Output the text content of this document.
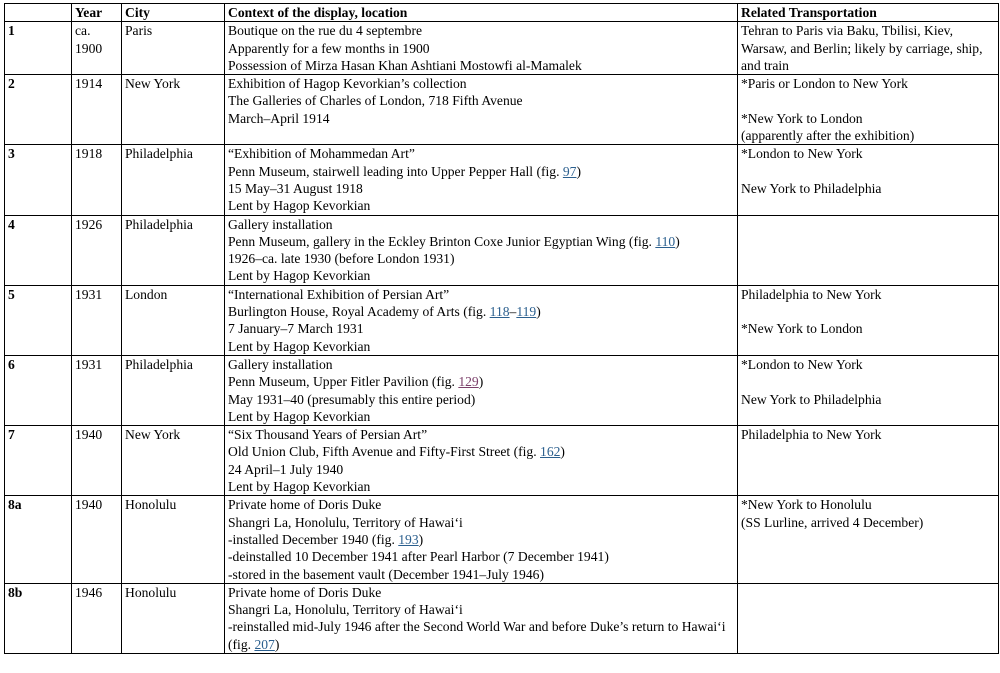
	Year	City	Context of the display, location	Related Transportation
1	ca. 1900	Paris	Boutique on the rue du 4 septembre
Apparently for a few months in 1900
Possession of Mirza Hasan Khan Ashtiani Mostowfi al-Mamalek	Tehran to Paris via Baku, Tbilisi, Kiev, Warsaw, and Berlin; likely by carriage, ship, and train

2	1914	New York	Exhibition of Hagop Kevorkian’s collection
The Galleries of Charles of London, 718 Fifth Avenue
March–April 1914	*Paris or London to New York
*New York to London
(apparently after the exhibition)

3	1918	Philadelphia	“Exhibition of Mohammedan Art”
Penn Museum, stairwell leading into Upper Pepper Hall (fig. 97)
15 May–31 August 1918
Lent by Hagop Kevorkian	*London to New York
New York to Philadelphia

4	1926	Philadelphia	Gallery installation
Penn Museum, gallery in the Eckley Brinton Coxe Junior Egyptian Wing (fig. 110)
1926–ca. late 1930 (before London 1931)
Lent by Hagop Kevorkian	

5	1931	London	“International Exhibition of Persian Art”
Burlington House, Royal Academy of Arts (fig. 118–119)
7 January–7 March 1931
Lent by Hagop Kevorkian	Philadelphia to New York
*New York to London

6	1931	Philadelphia	Gallery installation
Penn Museum, Upper Fitler Pavilion (fig. 129)
May 1931–40 (presumably this entire period)
Lent by Hagop Kevorkian	*London to New York
New York to Philadelphia

7	1940	New York	“Six Thousand Years of Persian Art”
Old Union Club, Fifth Avenue and Fifty-First Street (fig. 162)
24 April–1 July 1940
Lent by Hagop Kevorkian	Philadelphia to New York

8a	1940	Honolulu	Private home of Doris Duke
Shangri La, Honolulu, Territory of Hawai‘i
-installed December 1940 (fig. 193)
-deinstalled 10 December 1941 after Pearl Harbor (7 December 1941)
-stored in the basement vault (December 1941–July 1946)	*New York to Honolulu
(SS Lurline, arrived 4 December)

8b	1946	Honolulu	Private home of Doris Duke
Shangri La, Honolulu, Territory of Hawai‘i
-reinstalled mid-July 1946 after the Second World War and before Duke’s return to Hawai‘i (fig. 207)	
